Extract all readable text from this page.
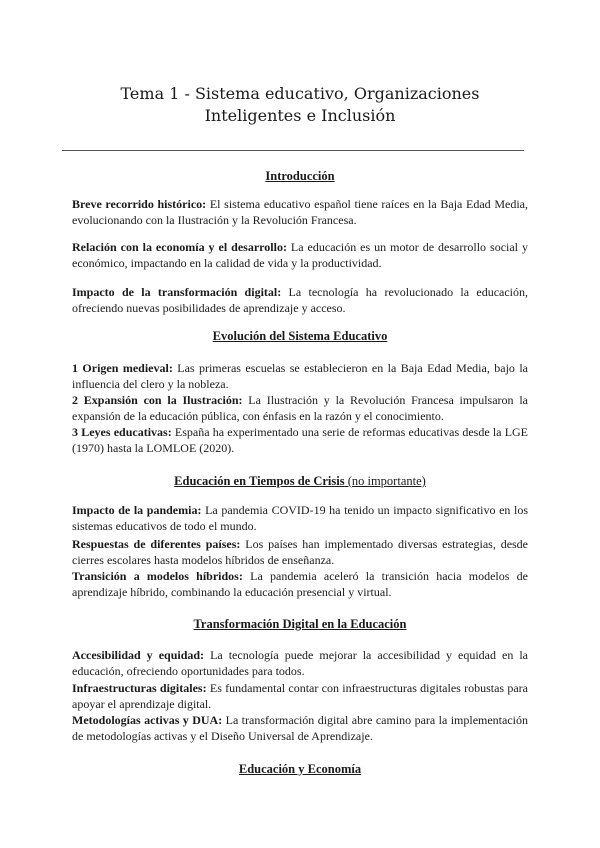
Tema 1 - Sistema educativo, Organizaciones Inteligentes e Inclusión
Introducción

Breve recorrido histórico: El sistema educativo español tiene raíces en la Baja Edad Media, evolucionando con la Ilustración y la Revolución Francesa.

Relación con la economía y el desarrollo: La educación es un motor de desarrollo social y económico, impactando en la calidad de vida y la productividad.

Impacto de la transformación digital: La tecnología ha revolucionado la educación, ofreciendo nuevas posibilidades de aprendizaje y acceso.

Evolución del Sistema Educativo

1 Origen medieval: Las primeras escuelas se establecieron en la Baja Edad Media, bajo la influencia del clero y la nobleza.

2 Expansión con la Ilustración: La Ilustración y la Revolución Francesa impulsaron la expansión de la educación pública, con énfasis en la razón y el conocimiento.

3 Leyes educativas: España ha experimentado una serie de reformas educativas desde la LGE (1970) hasta la LOMLOE (2020).

Educación en Tiempos de Crisis (no importante)

Impacto de la pandemia: La pandemia COVID-19 ha tenido un impacto significativo en los sistemas educativos de todo el mundo.

Respuestas de diferentes países: Los países han implementado diversas estrategias, desde cierres escolares hasta modelos híbridos de enseñanza.

Transición a modelos híbridos: La pandemia aceleró la transición hacia modelos de aprendizaje híbrido, combinando la educación presencial y virtual.

Transformación Digital en la Educación

Accesibilidad y equidad: La tecnología puede mejorar la accesibilidad y equidad en la educación, ofreciendo oportunidades para todos.

Infraestructuras digitales: Es fundamental contar con infraestructuras digitales robustas para apoyar el aprendizaje digital.

Metodologías activas y DUA: La transformación digital abre camino para la implementación de metodologías activas y el Diseño Universal de Aprendizaje.

Educación y Economía
